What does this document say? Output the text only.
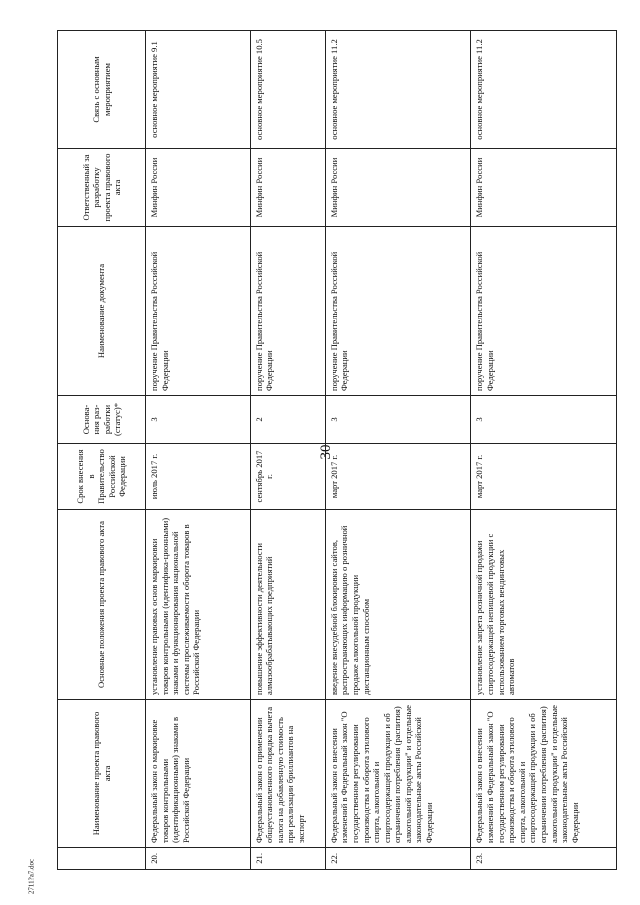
30
	Наименование проекта правового акта	Основные положения проекта правового акта	Срок внесения в Правительство Российской Федерации	Основа-ния раз-работки (статус)*	Наименование документа	Ответственный за разработку проекта правового акта	Связь с основным мероприятием
20.	Федеральный закон о маркировке товаров контрольными (идентификационными) знаками в Российской Федерации	установление правовых основ маркировки товаров контрольными (идентифика-ционными) знаками и функционирования национальной системы прослеживаемости оборота товаров в Российской Федерации	июль 2017 г.	3	поручение Правительства Российской Федерации	Минфин России	основное мероприятие 9.1
21.	Федеральный закон о применении общеустановленного порядка вычета налога на добавленную стоимость при реализации бриллиантов на экспорт	повышение эффективности деятельности алмазообрабатывающих предприятий	сентябрь 2017 г.	2	поручение Правительства Российской Федерации	Минфин России	основное мероприятие 10.5
22.	Федеральный закон о внесении изменений в Федеральный закон "О государственном регулировании производства и оборота этилового спирта, алкогольной и спиртосодержащей продукции и об ограничении потребления (распития) алкогольной продукции" и отдельные законодательные акты Российской Федерации	введение внесудебной блокировки сайтов, распространяющих информацию о розничной продаже алкогольной продукции дистанционным способом	март 2017 г.	3	поручение Правительства Российской Федерации	Минфин России	основное мероприятие 11.2
23.	Федеральный закон о внесении изменений в Федеральный закон "О государственном регулировании производства и оборота этилового спирта, алкогольной и спиртосодержащей продукции и об ограничении потребления (распития) алкогольной продукции" и отдельные законодательные акты Российской Федерации	установление запрета розничной продажи спиртосодержащей непищевой продукции с использованием торговых вендинговых автоматов	март 2017 г.	3	поручение Правительства Российской Федерации	Минфин России	основное мероприятие 11.2
2711?a7.doc
